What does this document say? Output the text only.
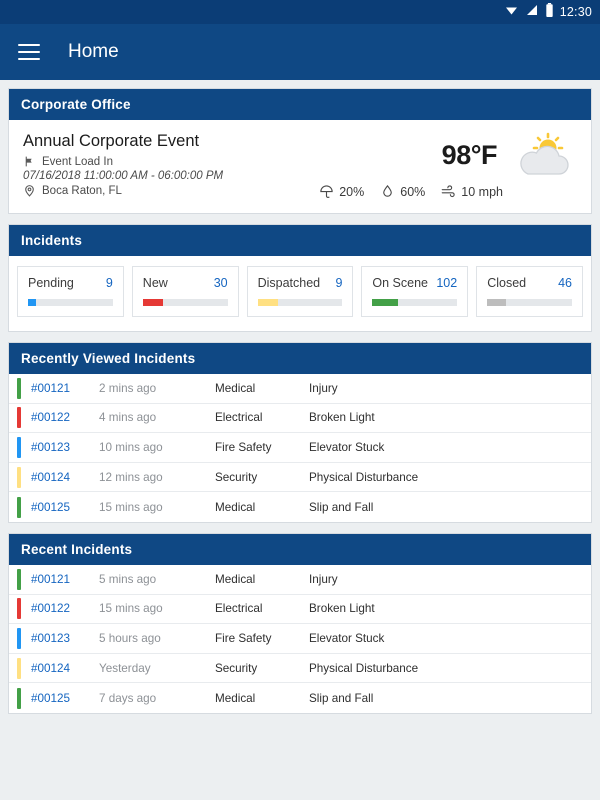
12:30
Home
Corporate Office
Annual Corporate Event
Event Load In
07/16/2018 11:00:00 AM - 06:00:00 PM
Boca Raton, FL
98°F
20%	60%	10 mph
Incidents
Pending	9 New	30 Dispatched 9 On Scene 102 Closed	46
Recently Viewed Incidents
#00121	2 mins ago	Medical	Injury
#00122	4 mins ago	Electrical	Broken Light
#00123	10 mins ago	Fire Safety	Elevator Stuck
#00124	12 mins ago	Security	Physical Disturbance
#00125	15 mins ago	Medical	Slip and Fall
Recent Incidents
#00121	5 mins ago	Medical	Injury
#00122	15 mins ago	Electrical	Broken Light
#00123	5 hours ago	Fire Safety	Elevator Stuck
#00124	Yesterday	Security	Physical Disturbance
#00125	7 days ago	Medical	Slip and Fall
